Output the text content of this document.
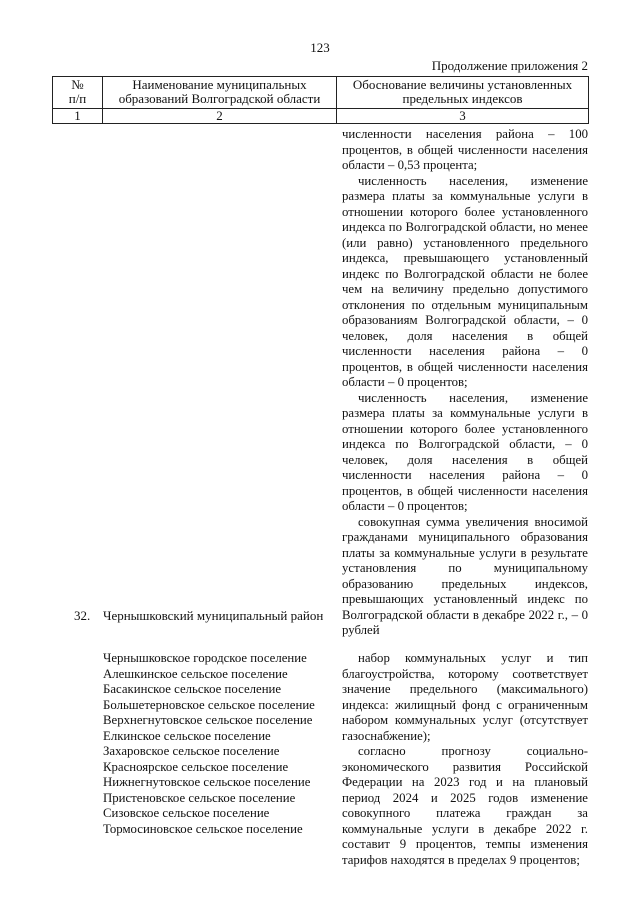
123
Продолжение приложения 2
№
п/п
Наименование муниципальных
образований Волгоградской области
Обоснование величины установленных
предельных индексов
1	2	3

численности населения района – 100 процентов, в общей численности населения области – 0,53 процента;

численность населения, изменение размера платы за коммунальные услуги в отношении которого более установленного индекса по Волгоградской области, но менее (или равно) установленного предельного индекса, превышающего установленный индекс по Волгоградской области не более чем на величину предельно допустимого отклонения по отдельным муниципальным образованиям Волгоградской области, – 0 человек, доля населения в общей численности населения района – 0 процентов, в общей численности населения области – 0 процентов;

численность населения, изменение размера платы за коммунальные услуги в отношении которого более установленного индекса по Волгоградской области, – 0 человек, доля населения в общей численности населения района – 0 процентов, в общей численности населения области – 0 процентов;

совокупная сумма увеличения вносимой гражданами муниципального образования платы за коммунальные услуги в результате установления по муниципальному образованию предельных индексов, превышающих установленный индекс по Волгоградской области в декабре 2022 г., – 0 рублей

32. Чернышковский муниципальный район
Чернышковское городское поселение
Алешкинское сельское поселение
Басакинское сельское поселение
Большетерновское сельское поселение
Верхнегнутовское сельское поселение
Елкинское сельское поселение
Захаровское сельское поселение
Красноярское сельское поселение
Нижнегнутовское сельское поселение
Пристеновское сельское поселение
Сизовское сельское поселение
Тормосиновское сельское поселение

набор коммунальных услуг и тип благоустройства, которому соответствует значение предельного (максимального) индекса: жилищный фонд с ограниченным набором коммунальных услуг (отсутствует газоснабжение);

согласно прогнозу социально-экономического развития Российской Федерации на 2023 год и на плановый период 2024 и 2025 годов изменение совокупного платежа граждан за коммунальные услуги в декабре 2022 г. составит 9 процентов, темпы изменения тарифов находятся в пределах 9 процентов;
